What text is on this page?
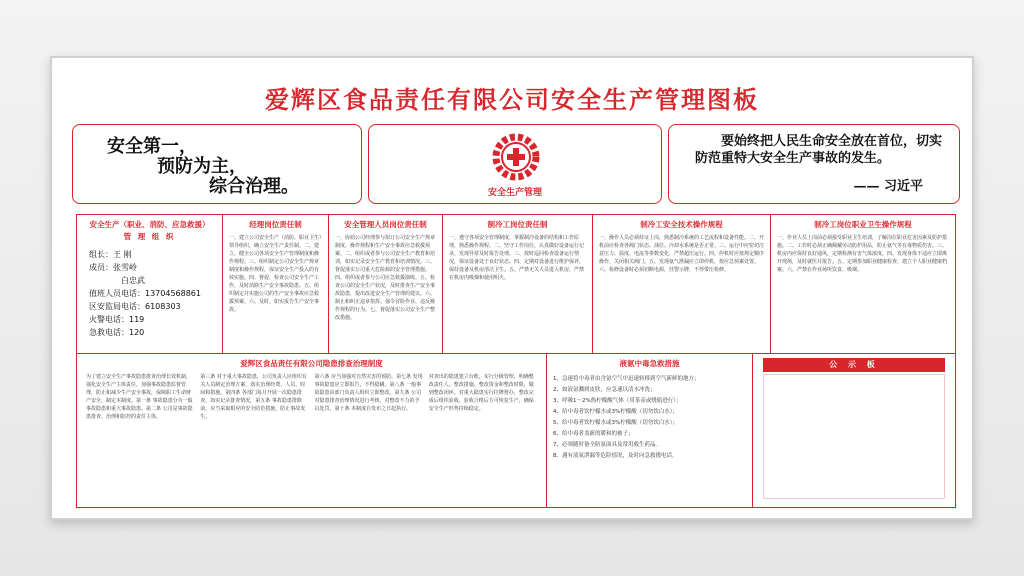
爱辉区食品责任有限公司安全生产管理图板
安全第一，
预防为主，
综合治理。	安全生产管理
要始终把人民生命安全放在首位，切实防范重特大安全生产事故的发生。
—— 习近平
安全生产（职业、消防、应急救援）
管 理 组 织
组长：王 刚
成员：张雪岭
白忠武
值班人员电话：13704568861
区安监局电话：6108303
火警电话：119
急救电话：120
经理岗位责任制
一、建立公司安全生产（消防、职业卫生）领导组织，确立安全生产责任制。二、建立、健全公司各项安全生产管理制度和操作规程。三、组织制定公司安全生产规章制度和操作规程，保证安全生产投入的有效实施。四、督促、检查公司安全生产工作，及时消除生产安全事故隐患。五、组织制定并实施公司的生产安全事故应急救援预案。六、及时、如实报告生产安全事故。
安全管理人员岗位责任制
一、协助公司经理参与拟订公司安全生产规章制度、操作规程和生产安全事故应急救援预案。二、组织或者参与公司安全生产教育和培训，如实记录安全生产教育和培训情况。三、督促落实公司重大危险源的安全管理措施。四、组织或者参与公司应急救援演练。五、检查公司的安全生产状况，及时排查生产安全事故隐患，提出改进安全生产管理的建议。六、制止和纠正违章指挥、强令冒险作业、违反操作规程的行为。七、督促落实公司安全生产整改措施。
制冷工岗位责任制
一、遵守各项安全管理制度，掌握制冷设备的结构和工作原理，熟悉操作规程。二、坚守工作岗位，认真做好设备运行记录，发现异常及时报告处理。三、按时巡回检查设备运行情况，保证设备处于良好状态。四、定期对设备进行维护保养，保持设备及机房清洁卫生。五、严禁无关人员进入机房，严禁在机房内吸烟和使用明火。
制冷工安全技术操作规程
一、操作人员必须持证上岗，熟悉制冷系统的工艺流程和设备性能。二、开机前应检查各阀门状态、油位、冷却水系统是否正常。三、运行中应密切注意压力、温度、电流等参数变化，严禁超压运行。四、停机时应按规定顺序操作，关闭相关阀门。五、发现氨气泄漏应立即停机，按应急预案处置。六、检修设备时必须切断电源，挂警示牌，不得带压检修。
制冷工岗位职业卫生操作规程
一、作业人员上岗前必须接受职业卫生培训，了解岗位职业危害因素及防护措施。二、工作时必须正确佩戴劳动防护用品，防止氨气等有毒物质伤害。三、机房内应保持良好通风，定期检测有害气体浓度。四、发现身体不适应立即离开现场，及时就医并报告。五、定期参加职业健康检查，建立个人职业健康档案。六、严禁在作业场所饮食、吸烟。
爱辉区食品责任有限公司隐患排查治理制度
为了建立安全生产事故隐患排查治理长效机制，强化安全生产主体责任，加强事故隐患监督管理，防止和减少生产安全事故，保障职工生命财产安全，制定本制度。第一条 事故隐患分为一般事故隐患和重大事故隐患。第二条 公司是事故隐患排查、治理和防控的责任主体。
第三条 对于重大事故隐患，公司负责人应组织有关人员制定治理方案，落实治理经费、人员、时间和措施。第四条 各部门每月开展一次隐患排查，如实记录排查情况。第五条 事故隐患排除前，应当采取相应的安全防范措施，防止事故发生。
第六条 应当加强对自然灾害的预防。第七条 发现事故隐患应立即报告，不得隐瞒。第八条 一般事故隐患由部门负责人组织立即整改。第九条 公司对隐患排查治理情况进行考核，对整改不力的予以处罚。第十条 本制度自发布之日起执行。
对查出的隐患建立台账，实行分级管理，明确整改责任人、整改措施、整改资金和整改时限，做到整改闭环。对重大隐患实行挂牌督办，整改完成后组织验收，验收合格后方可恢复生产，确保安全生产形势持续稳定。
液氨中毒急救措施
1、急速将中毒者由含氨空气中迅速转移到空气新鲜的地方；
2、如液氨溅到皮肤，应急速以清水冲洗；
3、呼吸1～2%热柠檬酸气体（用茶壶或烧瓶进行）；
4、给中毒者饮柠檬水或3%柠檬酸（切勿饮白水）；
5、给中毒者饮柠檬水或3%柠檬酸（切勿饮白水）；
6、给中毒者盖新的暖和的被子；
7、必须随时备全防氨面具及常用救生药品。
8、遇有液氨泄漏等危险情况，及时向急救援电话。
公 示 板
